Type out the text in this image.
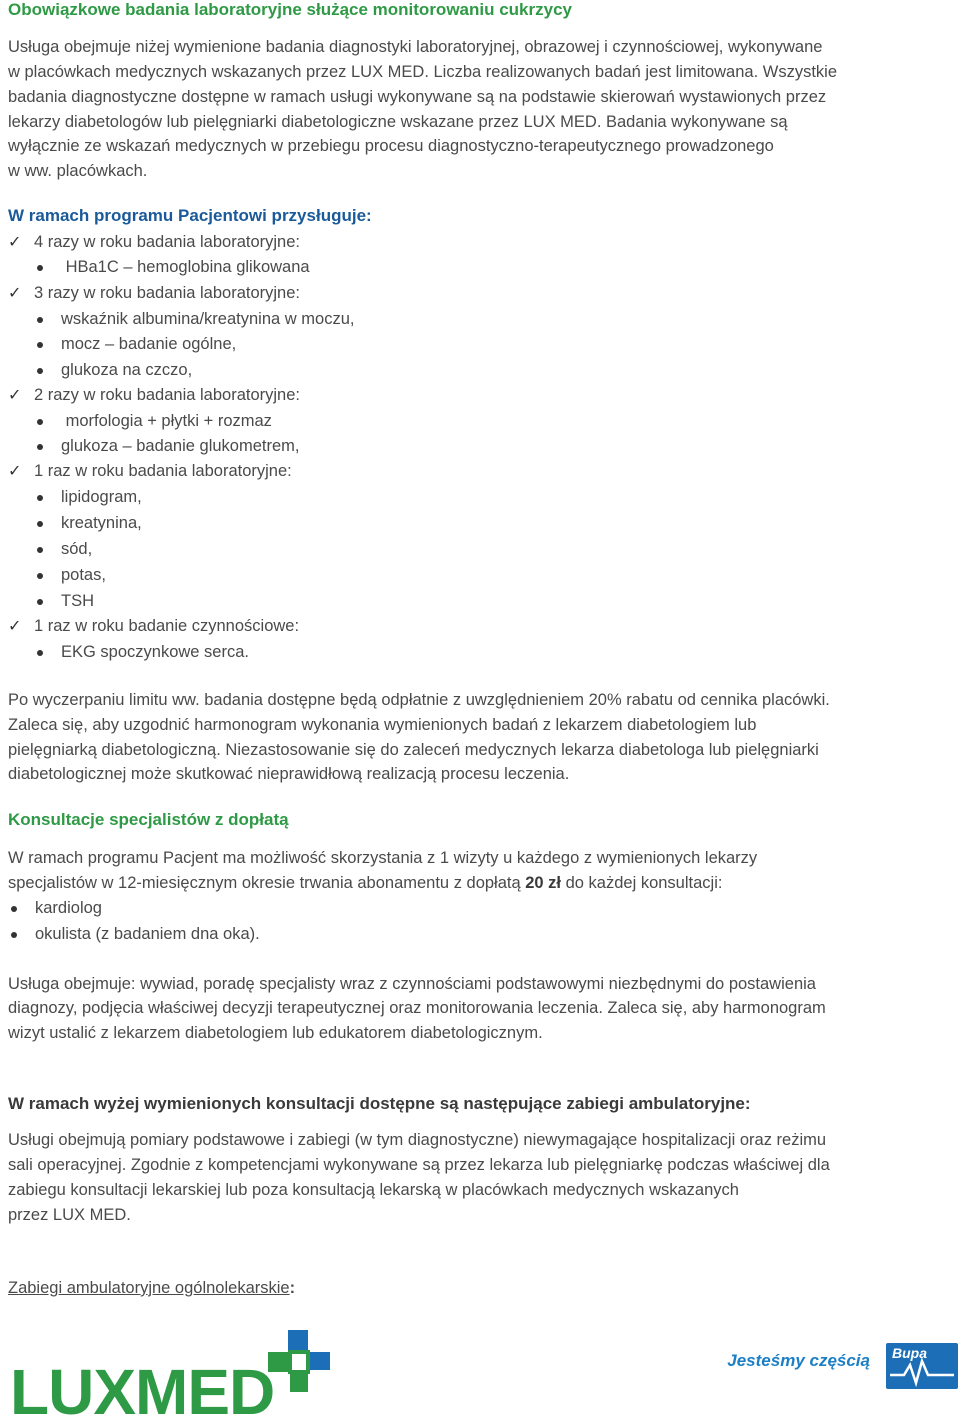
Obowiązkowe badania laboratoryjne służące monitorowaniu cukrzycy
Usługa obejmuje niżej wymienione badania diagnostyki laboratoryjnej, obrazowej i czynnościowej, wykonywane
w placówkach medycznych wskazanych przez LUX MED. Liczba realizowanych badań jest limitowana. Wszystkie
badania diagnostyczne dostępne w ramach usługi wykonywane są na podstawie skierowań wystawionych przez
lekarzy diabetologów lub pielęgniarki diabetologiczne wskazane przez LUX MED. Badania wykonywane są
wyłącznie ze wskazań medycznych w przebiegu procesu diagnostyczno-terapeutycznego prowadzonego
w ww. placówkach.
W ramach programu Pacjentowi przysługuje:
✓ 4 razy w roku badania laboratoryjne:
HBa1C – hemoglobina glikowana
✓ 3 razy w roku badania laboratoryjne:
wskaźnik albumina/kreatynina w moczu,
mocz – badanie ogólne,
glukoza na czczo,
✓ 2 razy w roku badania laboratoryjne:
morfologia + płytki + rozmaz
glukoza – badanie glukometrem,
✓ 1 raz w roku badania laboratoryjne:
lipidogram,
kreatynina,
sód,
potas,
TSH
✓ 1 raz w roku badanie czynnościowe:
EKG spoczynkowe serca.
Po wyczerpaniu limitu ww. badania dostępne będą odpłatnie z uwzględnieniem 20% rabatu od cennika placówki.
Zaleca się, aby uzgodnić harmonogram wykonania wymienionych badań z lekarzem diabetologiem lub
pielęgniarką diabetologiczną. Niezastosowanie się do zaleceń medycznych lekarza diabetologa lub pielęgniarki
diabetologicznej może skutkować nieprawidłową realizacją procesu leczenia.
Konsultacje specjalistów z dopłatą
W ramach programu Pacjent ma możliwość skorzystania z 1 wizyty u każdego z wymienionych lekarzy
specjalistów w 12-miesięcznym okresie trwania abonamentu z dopłatą 20 zł do każdej konsultacji:
kardiolog
okulista (z badaniem dna oka).
Usługa obejmuje: wywiad, poradę specjalisty wraz z czynnościami podstawowymi niezbędnymi do postawienia
diagnozy, podjęcia właściwej decyzji terapeutycznej oraz monitorowania leczenia. Zaleca się, aby harmonogram
wizyt ustalić z lekarzem diabetologiem lub edukatorem diabetologicznym.
W ramach wyżej wymienionych konsultacji dostępne są następujące zabiegi ambulatoryjne:
Usługi obejmują pomiary podstawowe i zabiegi (w tym diagnostyczne) niewymagające hospitalizacji oraz reżimu
sali operacyjnej. Zgodnie z kompetencjami wykonywane są przez lekarza lub pielęgniarkę podczas właściwej dla
zabiegu konsultacji lekarskiej lub poza konsultacją lekarską w placówkach medycznych wskazanych
przez LUX MED.
Zabiegi ambulatoryjne ogólnolekarskie:
LUXMED	Jesteśmy częścią Bupa
